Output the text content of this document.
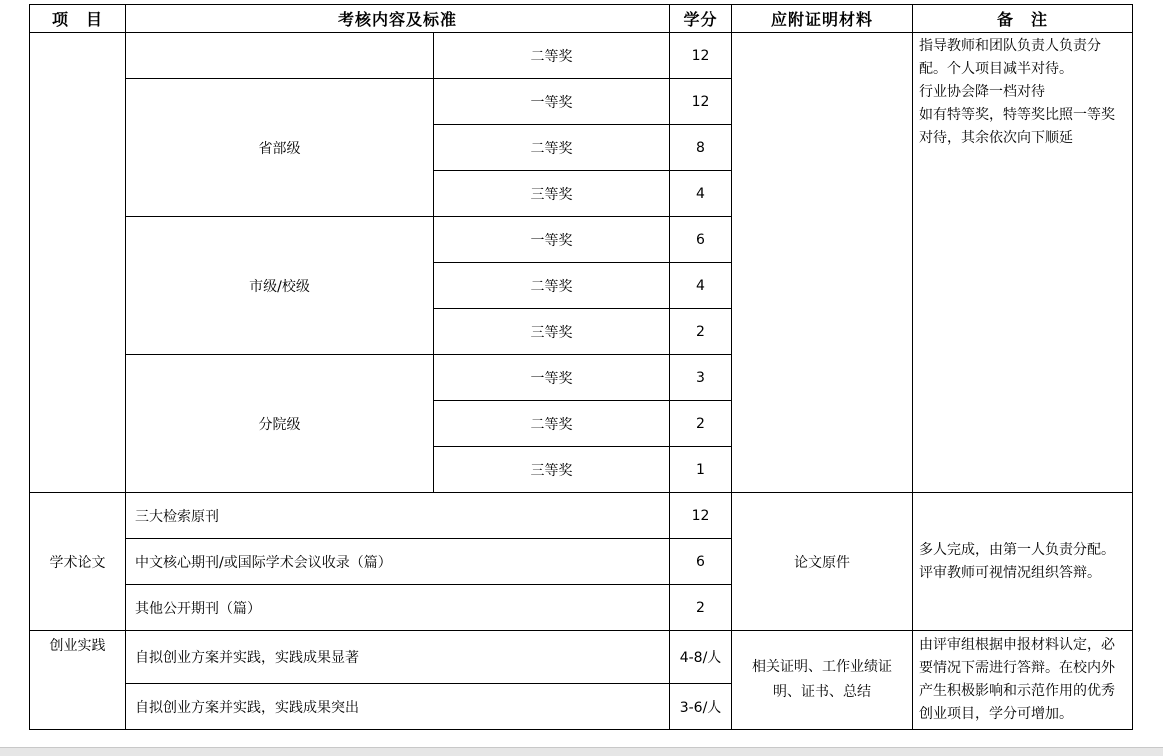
项　目	考核内容及标准		学分	应附证明材料	备　注
		二等奖	12		指导教师和团队负责人负责分配。个人项目减半对待。
行业协会降一档对待
如有特等奖，特等奖比照一等奖对待，其余依次向下顺延

	省部级	一等奖	12		
		二等奖	8		
		三等奖	4		
	市级/校级	一等奖	6		
		二等奖	4		
		三等奖	2		
	分院级	一等奖	3		
		二等奖	2		
		三等奖	1		
学术论文	三大检索原刊		12	论文原件	多人完成，由第一人负责分配。评审教师可视情况组织答辩。
	中文核心期刊/或国际学术会议收录（篇）		6		
	其他公开期刊（篇）		2		
创业实践	自拟创业方案并实践，实践成果显著		4-8/人	相关证明、工作业绩证明、证书、总结	由评审组根据申报材料认定，必要情况下需进行答辩。在校内外产生积极影响和示范作用的优秀创业项目，学分可增加。
	自拟创业方案并实践，实践成果突出		3-6/人		
